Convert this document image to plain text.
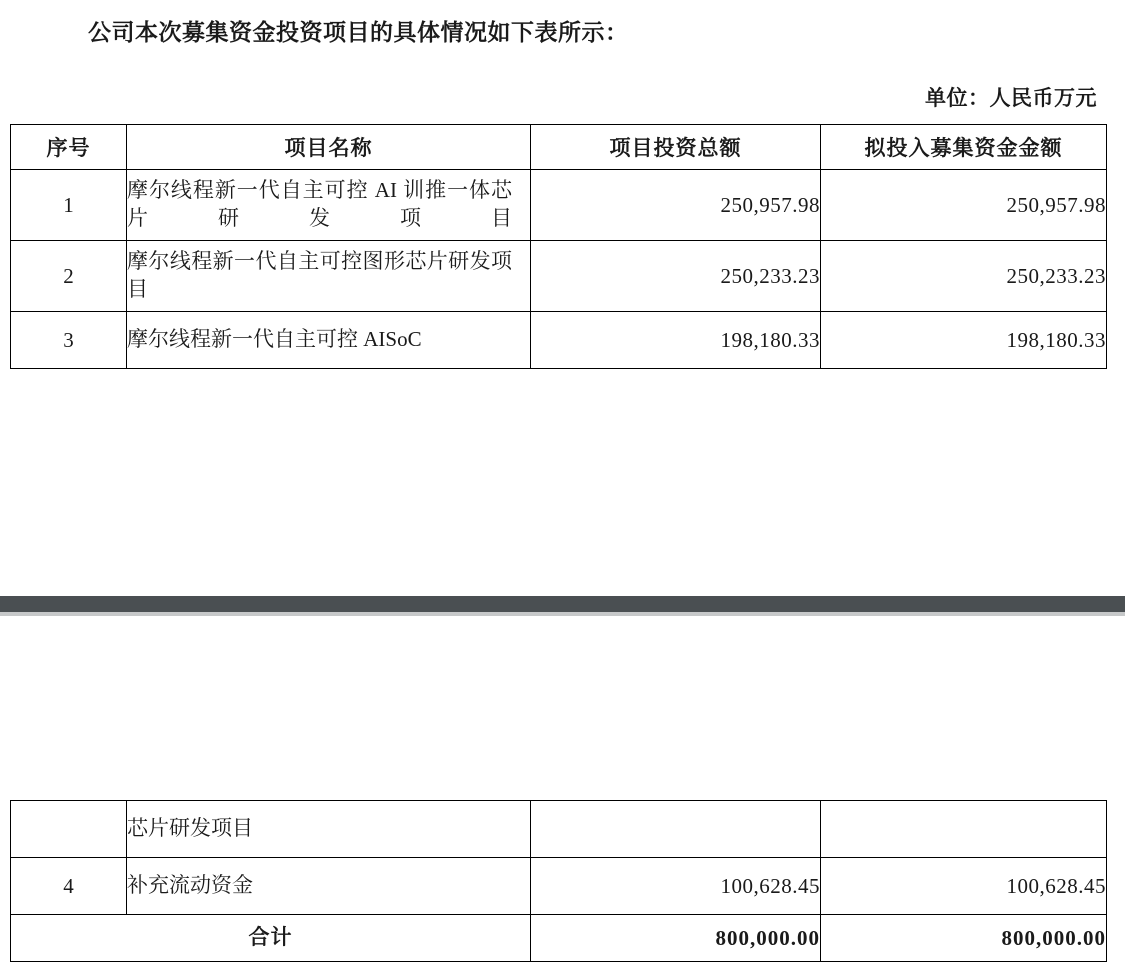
公司本次募集资金投资项目的具体情况如下表所示：
单位：人民币万元
序号	项目名称	项目投资总额	拟投入募集资金金额
1	摩尔线程新一代自主可控 AI 训推一体芯片研发项目	250,957.98	250,957.98
2	摩尔线程新一代自主可控图形芯片研发项目	250,233.23	250,233.23
3	摩尔线程新一代自主可控 AISoC	198,180.33	198,180.33
	芯片研发项目		
4	补充流动资金	100,628.45	100,628.45
合计		800,000.00	800,000.00
